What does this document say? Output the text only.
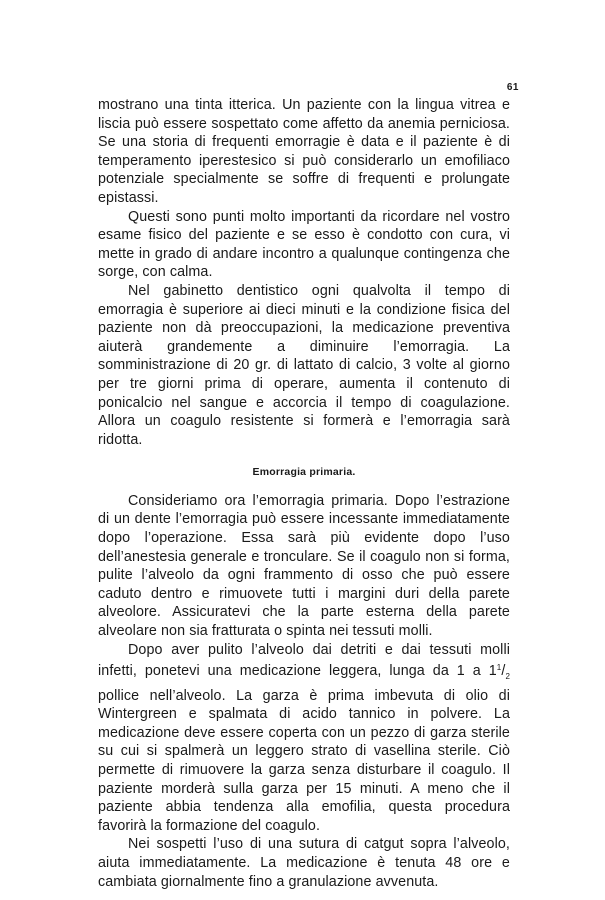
61

mostrano una tinta itterica. Un paziente con la lingua vitrea e liscia può essere sospettato come affetto da anemia perniciosa. Se una storia di frequenti emorragie è data e il paziente è di temperamento iperestesico si può considerarlo un emofiliaco potenziale specialmente se soffre di frequenti e prolungate epistassi.

Questi sono punti molto importanti da ricordare nel vostro esame fisico del paziente e se esso è condotto con cura, vi mette in grado di andare incontro a qualunque contingenza che sorge, con calma.

Nel gabinetto dentistico ogni qualvolta il tempo di emorragia è superiore ai dieci minuti e la condizione fisica del paziente non dà preoccupazioni, la medicazione preventiva aiuterà grandemente a diminuire l’emorragia. La somministrazione di 20 gr. di lattato di calcio, 3 volte al giorno per tre giorni prima di operare, aumenta il contenuto di ponicalcio nel sangue e accorcia il tempo di coagulazione. Allora un coagulo resistente si formerà e l’emorragia sarà ridotta.

Emorragia primaria.

Consideriamo ora l’emorragia primaria. Dopo l’estrazione di un dente l’emorragia può essere incessante immediatamente dopo l’operazione. Essa sarà più evidente dopo l’uso dell’anestesia generale e tronculare. Se il coagulo non si forma, pulite l’alveolo da ogni frammento di osso che può essere caduto dentro e rimuovete tutti i margini duri della parete alveolore. Assicuratevi che la parte esterna della parete alveolare non sia fratturata o spinta nei tessuti molli.

Dopo aver pulito l’alveolo dai detriti e dai tessuti molli infetti, ponetevi una medicazione leggera, lunga da 1 a $1^1/_2$ pollice nell’alveolo. La garza è prima imbevuta di olio di Wintergreen e spalmata di acido tannico in polvere. La medicazione deve essere coperta con un pezzo di garza sterile su cui si spalmerà un leggero strato di vasellina sterile. Ciò permette di rimuovere la garza senza disturbare il coagulo. Il paziente morderà sulla garza per 15 minuti. A meno che il paziente abbia tendenza alla emofilia, questa procedura favorirà la formazione del coagulo.

Nei sospetti l’uso di una sutura di catgut sopra l’alveolo, aiuta immediatamente. La medicazione è tenuta 48 ore e cambiata giornalmente fino a granulazione avvenuta.
